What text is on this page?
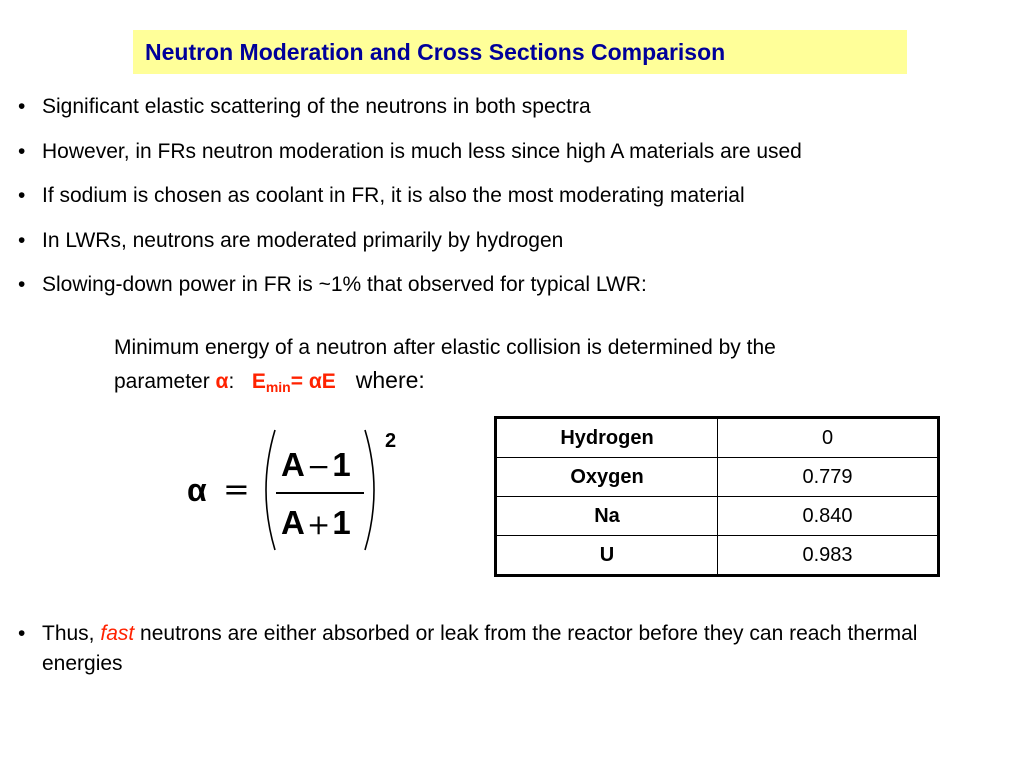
Neutron Moderation and Cross Sections Comparison
• Significant elastic scattering of the neutrons in both spectra
• However, in FRs neutron moderation is much less since high A materials are used
• If sodium is chosen as coolant in FR, it is also the most moderating material
• In LWRs, neutrons are moderated primarily by hydrogen
• Slowing-down power in FR is ~1% that observed for typical LWR:
Minimum energy of a neutron after elastic collision is determined by the
parameter α: $E_{min}= \alpha E$ where:
α =
A−1
A+1
2	Hydrogen	0
Oxygen	0.779
Na	0.840
U	0.983
• Thus, fast neutrons are either absorbed or leak from the reactor before they can reach thermal energies
